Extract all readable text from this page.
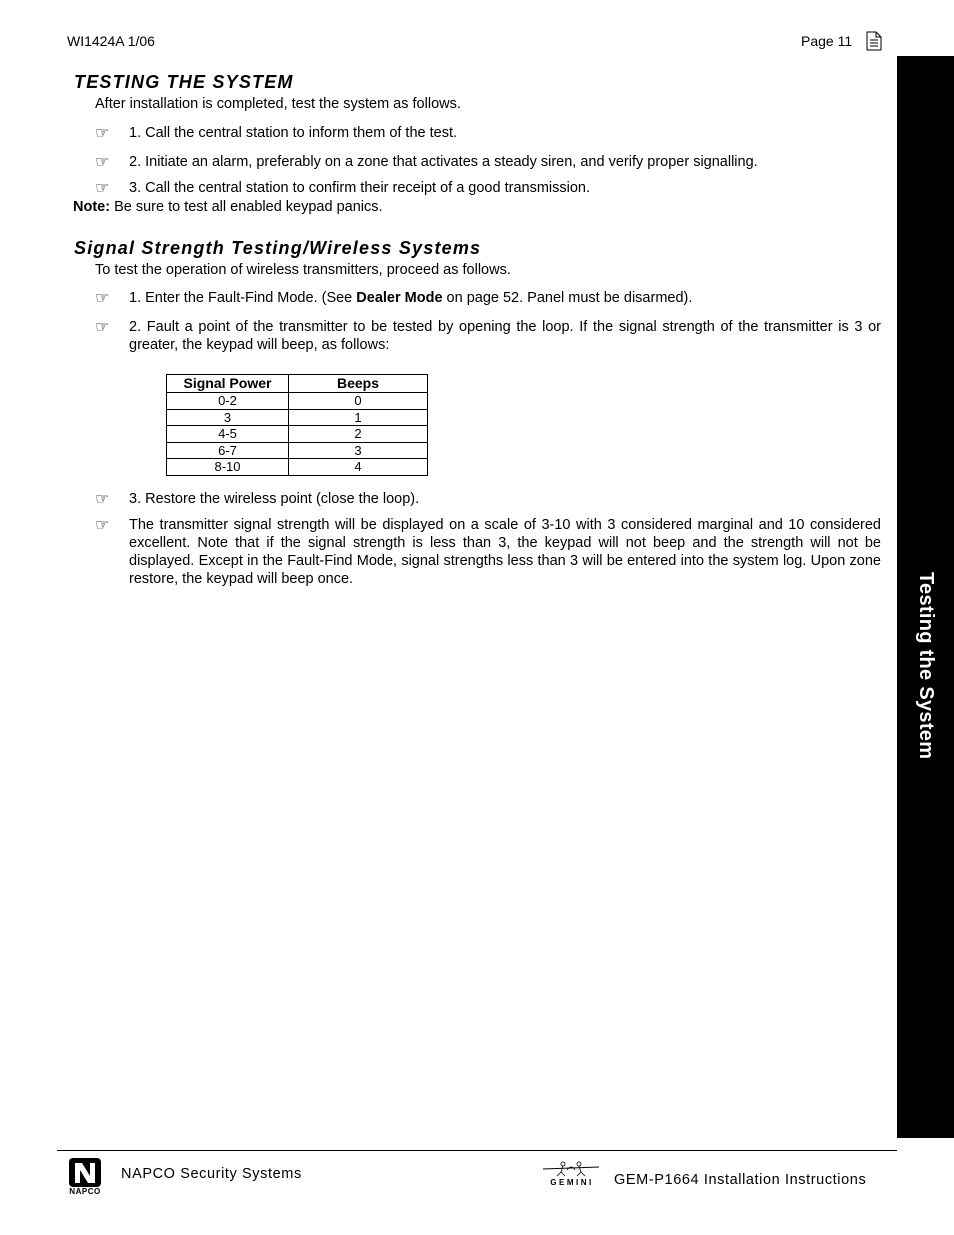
WI1424A 1/06	Page 11
TESTING THE SYSTEM
After installation is completed, test the system as follows.
☞ 1. Call the central station to inform them of the test.
☞ 2. Initiate an alarm, preferably on a zone that activates a steady siren, and verify proper signalling.
☞ 3. Call the central station to confirm their receipt of a good transmission.
Note: Be sure to test all enabled keypad panics.
Signal Strength Testing/Wireless Systems
To test the operation of wireless transmitters, proceed as follows.
☞ 1. Enter the Fault-Find Mode. (See Dealer Mode on page 52. Panel must be disarmed).
☞ 2. Fault a point of the transmitter to be tested by opening the loop. If the signal strength of the transmitter is 3 or greater, the keypad will beep, as follows:
Signal Power	Beeps
0-2	0
3	1
4-5	2
6-7	3
8-10	4
☞ 3. Restore the wireless point (close the loop).
☞ The transmitter signal strength will be displayed on a scale of 3-10 with 3 considered marginal and 10 considered excellent. Note that if the signal strength is less than 3, the keypad will not beep and the strength will not be displayed. Except in the Fault-Find Mode, signal strengths less than 3 will be entered into the system log. Upon zone restore, the keypad will beep once.	Testing the System
NAPCO
NAPCO Security Systems
GEMINI	GEM-P1664 Installation Instructions
